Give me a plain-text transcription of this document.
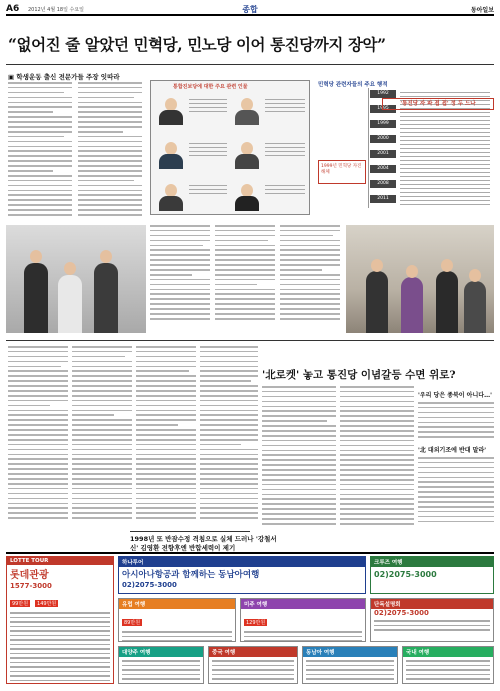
A6 2012년 4월 18일 수요일	종합	동아일보
“없어진 줄 알았던 민혁당, 민노당 이어 통진당까지 장악”
▣ 학생운동 출신 전문가들 주장 잇따라
통합진보당에 대한 주요 관련 인물	민혁당 관련자들의 주요 행적
1992
1995
1999
2000
2001
2004
2008
2011
1999년 민혁당 자진 해체
'통진당 자 파 접 접' 정 두 드나
'北로켓' 놓고 통진당 이념갈등 수면 위로?
'우리 당은 종북이 아니다…'
'北 대외기조에 반대 말라'
1998년 또 반잠수정 격침으로 실체 드러나 '강철서신' 김영환 전향후엔 반합세력이 제기
LOTTE TOUR
롯데관광
1577-3000
99만원 149만원
하나투어
아시아나항공과 함께하는 동남아여행
02)2075-3000
크루즈 여행
02)2075-3000
유럽 여행
89만원
미주 여행
129만원
단독설명회
02)2075-3000
대양주 여행	중국 여행	동남아 여행	국내 여행
